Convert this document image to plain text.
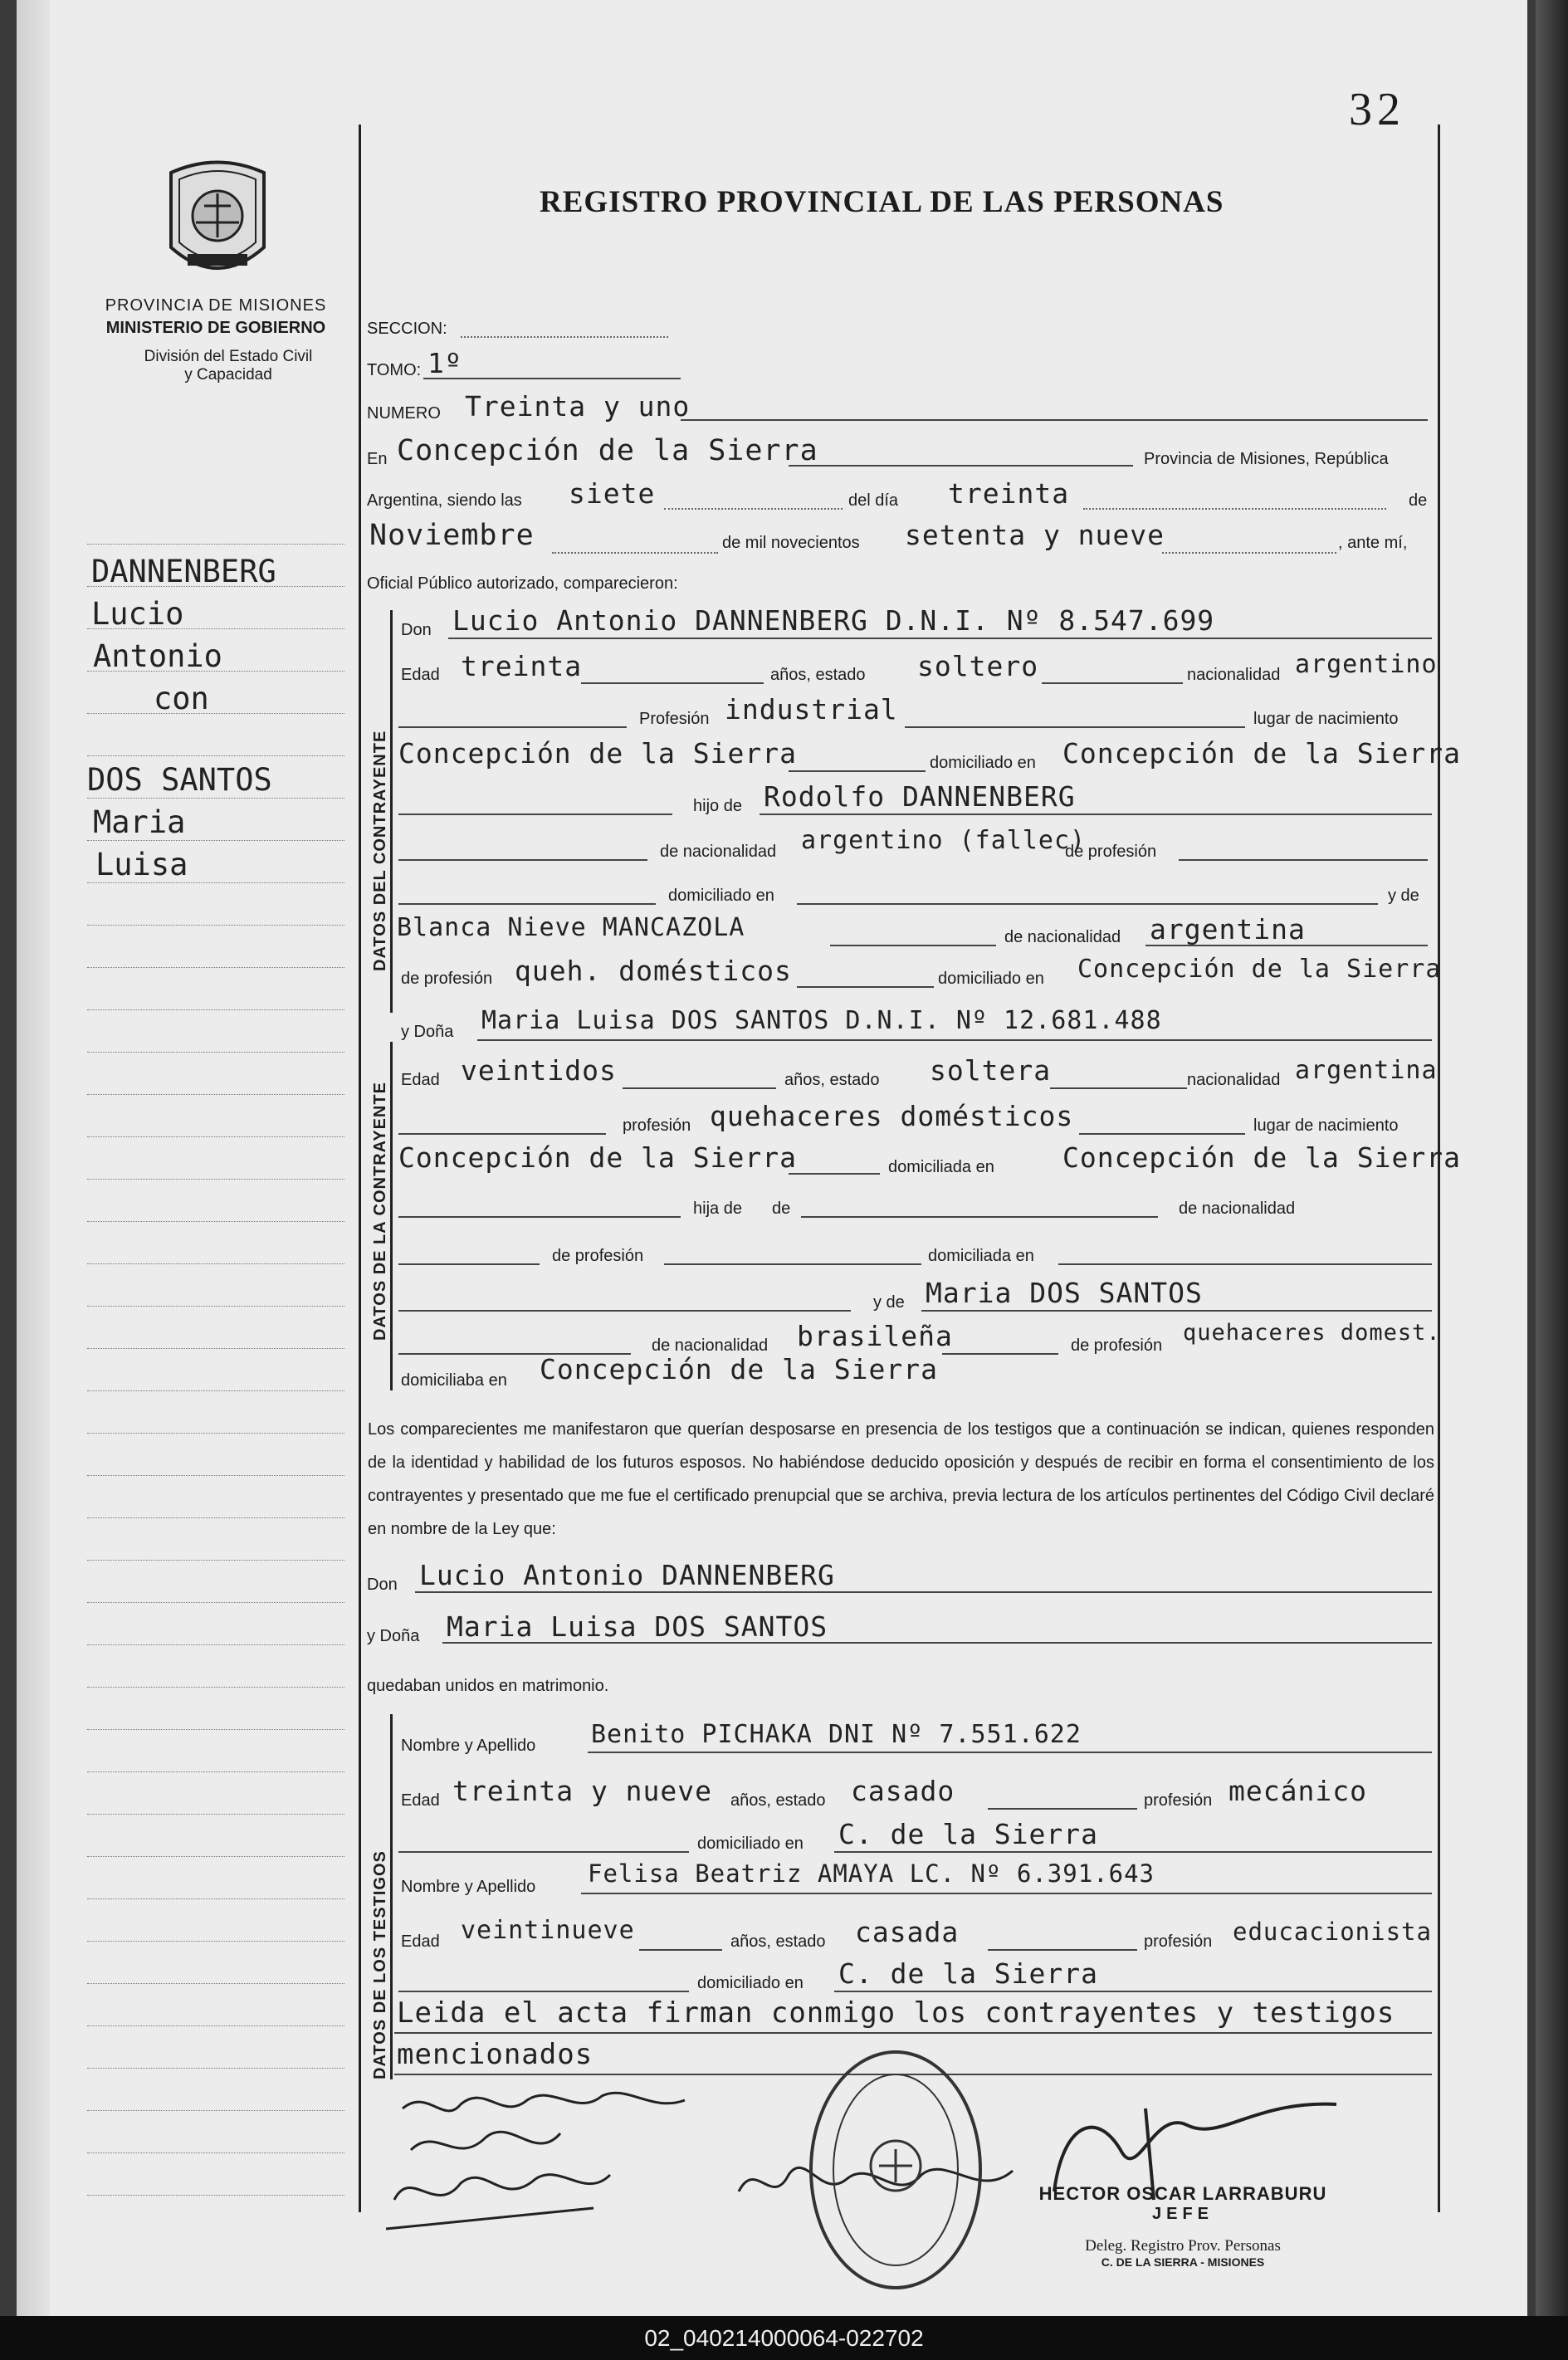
32
PROVINCIA DE MISIONES
MINISTERIO DE GOBIERNO
División del Estado Civil
y Capacidad
REGISTRO PROVINCIAL DE LAS PERSONAS
DANNENBERG
Lucio
Antonio
con
DOS SANTOS
Maria
Luisa
SECCION:
TOMO: 1º
NUMERO Treinta y uno
En Concepción de la Sierra	Provincia de Misiones, República
Argentina, siendo las siete	del día treinta	de
Noviembre	de mil novecientos setenta y nueve	, ante mí,
Oficial Público autorizado, comparecieron:
DATOS DEL CONTRAYENTE
Don Lucio Antonio DANNENBERG D.N.I. Nº 8.547.699
Edad treinta	años, estado soltero	nacionalidad argentino
Profesión industrial	lugar de nacimiento
Concepción de la Sierra	domiciliado en Concepción de la Sierra
hijo de Rodolfo DANNENBERG
de nacionalidad argentino (fallec)
de profesión
domiciliado en	y de
Blanca Nieve MANCAZOLA	de nacionalidad argentina
de profesión queh. domésticos	domiciliado en Concepción de la Sierra
DATOS DE LA CONTRAYENTE
y Doña Maria Luisa DOS SANTOS D.N.I. Nº 12.681.488
Edad veintidos	años, estado soltera	nacionalidad argentina
profesión quehaceres domésticos	lugar de nacimiento
Concepción de la Sierra	domiciliada en Concepción de la Sierra
hija de de	de nacionalidad
de profesión	domiciliada en
y de Maria DOS SANTOS
de nacionalidad brasileña	de profesión quehaceres domest.
domiciliaba en Concepción de la Sierra
Los comparecientes me manifestaron que querían desposarse en presencia de los testigos que a continuación se indican, quienes responden de la identidad y habilidad de los futuros esposos. No habiéndose deducido oposición y después de recibir en forma el consentimiento de los contrayentes y presentado que me fue el certificado prenupcial que se archiva, previa lectura de los artículos pertinentes del Código Civil declaré en nombre de la Ley que:
Don Lucio Antonio DANNENBERG
y Doña Maria Luisa DOS SANTOS
quedaban unidos en matrimonio.
DATOS DE LOS TESTIGOS
Nombre y Apellido Benito PICHAKA DNI Nº 7.551.622
Edad treinta y nueve años, estado casado	profesión mecánico
domiciliado en C. de la Sierra
Nombre y Apellido Felisa Beatriz AMAYA LC. Nº 6.391.643
Edad veintinueve	años, estado casada	profesión educacionista
domiciliado en C. de la Sierra
Leida el acta firman conmigo los contrayentes y testigos
mencionados
HECTOR OSCAR LARRABURU
JEFE
Deleg. Registro Prov. Personas
C. DE LA SIERRA - MISIONES
02_040214000064-022702
